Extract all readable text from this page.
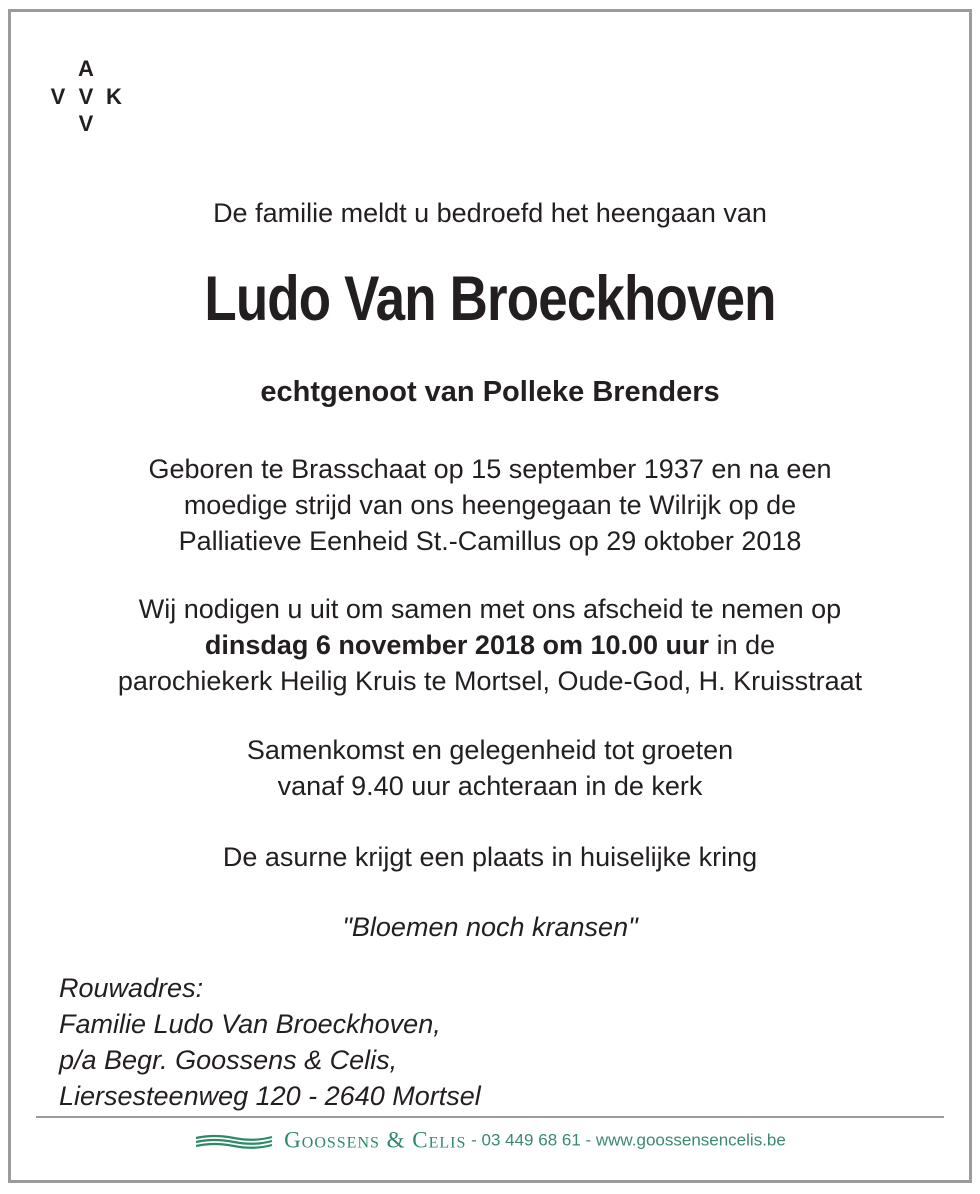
A
V V K
V
De familie meldt u bedroefd het heengaan van
Ludo Van Broeckhoven
echtgenoot van Polleke Brenders
Geboren te Brasschaat op 15 september 1937 en na een
moedige strijd van ons heengegaan te Wilrijk op de
Palliatieve Eenheid St.-Camillus op 29 oktober 2018
Wij nodigen u uit om samen met ons afscheid te nemen op
dinsdag 6 november 2018 om 10.00 uur in de
parochiekerk Heilig Kruis te Mortsel, Oude-God, H. Kruisstraat
Samenkomst en gelegenheid tot groeten
vanaf 9.40 uur achteraan in de kerk
De asurne krijgt een plaats in huiselijke kring
"Bloemen noch kransen"
Rouwadres:
Familie Ludo Van Broeckhoven,
p/a Begr. Goossens & Celis,
Liersesteenweg 120 - 2640 Mortsel
Goossens & Celis - 03 449 68 61 - www.goossensencelis.be
